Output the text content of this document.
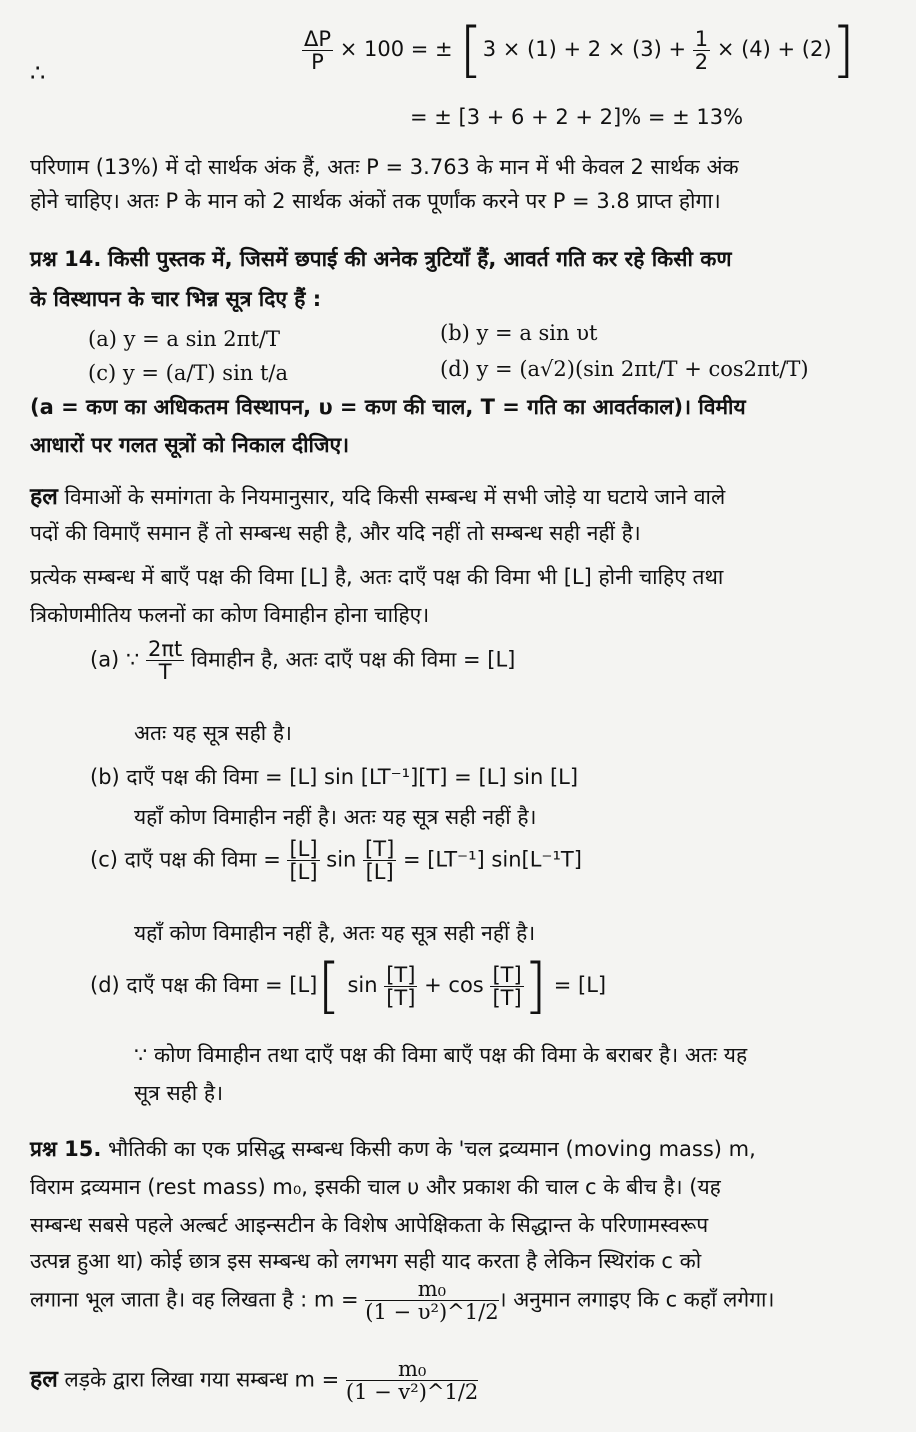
∴
$\frac{\Delta P}{P} \times 100$ = ± $[3 \times (1) + 2 \times (3) + \frac{1}{2} \times (4) + (2)]$
= ± [3 + 6 + 2 + 2]% = ± 13%
परिणाम (13%) में दो सार्थक अंक हैं, अतः P = 3.763 के मान में भी केवल 2 सार्थक अंक
होने चाहिए। अतः P के मान को 2 सार्थक अंकों तक पूर्णांक करने पर P = 3.8 प्राप्त होगा।
प्रश्न 14. किसी पुस्तक में, जिसमें छपाई की अनेक त्रुटियाँ हैं, आवर्त गति कर रहे किसी कण
के विस्थापन के चार भिन्न सूत्र दिए हैं :
(a) y = a sin 2πt/T	(b) y = a sin υt
(c) y = (a/T) sin t/a	(d) y = (a√2)(sin 2πt/T + cos2πt/T)
(a = कण का अधिकतम विस्थापन, υ = कण की चाल, T = गति का आवर्तकाल)। विमीय
आधारों पर गलत सूत्रों को निकाल दीजिए।
हल विमाओं के समांगता के नियमानुसार, यदि किसी सम्बन्ध में सभी जोड़े या घटाये जाने वाले
पदों की विमाएँ समान हैं तो सम्बन्ध सही है, और यदि नहीं तो सम्बन्ध सही नहीं है।
प्रत्येक सम्बन्ध में बाएँ पक्ष की विमा [L] है, अतः दाएँ पक्ष की विमा भी [L] होनी चाहिए तथा
त्रिकोणमीतिय फलनों का कोण विमाहीन होना चाहिए।
(a) ∵ $\frac{2\pi t}{T}$ विमाहीन है, अतः दाएँ पक्ष की विमा = [L]
अतः यह सूत्र सही है।
(b) दाएँ पक्ष की विमा = [L] sin [LT⁻¹][T] = [L] sin [L]
यहाँ कोण विमाहीन नहीं है। अतः यह सूत्र सही नहीं है।
(c) दाएँ पक्ष की विमा = $\frac{[L]}{[L]}$ $\sin \frac{[T]}{[L]} = [LT^{-1}]$ sin[L⁻¹T]
यहाँ कोण विमाहीन नहीं है, अतः यह सूत्र सही नहीं है।
(d) दाएँ पक्ष की विमा = [L][ $\sin \frac{[T]}{[T]} + \cos \frac{[T]}{[T]}$ ] = [L]
∵ कोण विमाहीन तथा दाएँ पक्ष की विमा बाएँ पक्ष की विमा के बराबर है। अतः यह
सूत्र सही है।
प्रश्न 15. भौतिकी का एक प्रसिद्ध सम्बन्ध किसी कण के 'चल द्रव्यमान (moving mass) m,
विराम द्रव्यमान (rest mass) m₀, इसकी चाल υ और प्रकाश की चाल c के बीच है। (यह
सम्बन्ध सबसे पहले अल्बर्ट आइन्सटीन के विशेष आपेक्षिकता के सिद्धान्त के परिणामस्वरूप
उत्पन्न हुआ था) कोई छात्र इस सम्बन्ध को लगभग सही याद करता है लेकिन स्थिरांक c को
लगाना भूल जाता है। वह लिखता है : $m = \frac{\text{m₀}}{\text{(1 − υ²)\textasciicircum{}1/2}}$ । अनुमान लगाइए कि c कहाँ लगेगा।
हल लड़के द्वारा लिखा गया सम्बन्ध $m = \frac{\text{m₀}}{\text{(1 − v²)\textasciicircum{}1/2}}$
